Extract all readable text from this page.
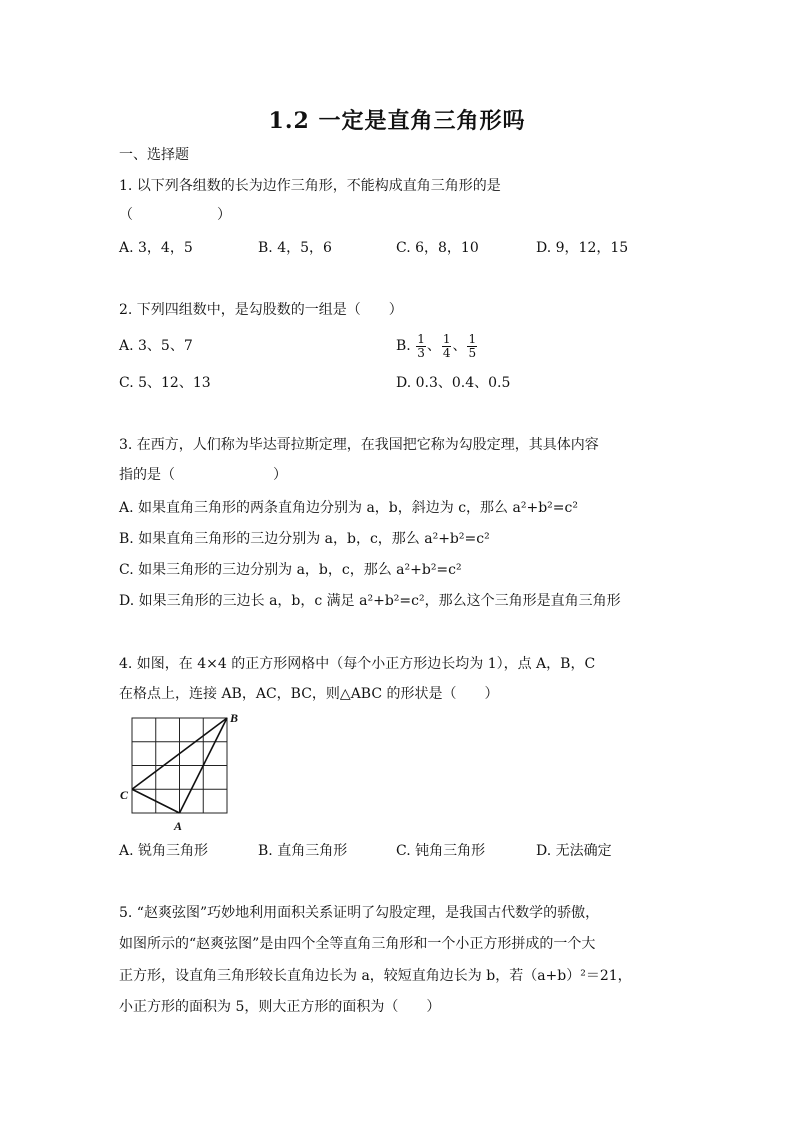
1.2 一定是直角三角形吗
一、选择题
1. 以下列各组数的长为边作三角形，不能构成直角三角形的是
（　　　　　　）
A. 3，4，5	B. 4，5，6	C. 6，8，10	D. 9，12，15
2. 下列四组数中，是勾股数的一组是（　　）
A. 3、5、7	B. $\frac{1}{3}$ 、 $\frac{1}{4}$ 、 $\frac{1}{5}$
C. 5、12、13	D. 0.3、0.4、0.5
3. 在西方，人们称为毕达哥拉斯定理，在我国把它称为勾股定理，其具体内容
指的是（　　　　　　　）
A. 如果直角三角形的两条直角边分别为 a，b，斜边为 c，那么 a²+b²=c²
B. 如果直角三角形的三边分别为 a，b，c，那么 a²+b²=c²
C. 如果三角形的三边分别为 a，b，c，那么 a²+b²=c²
D. 如果三角形的三边长 a，b，c 满足 a²+b²=c²，那么这个三角形是直角三角形
4. 如图，在 4×4 的正方形网格中（每个小正方形边长均为 1），点 A，B，C
在格点上，连接 AB，AC，BC，则△ABC 的形状是（　　）
B
C
A
A. 锐角三角形	B. 直角三角形	C. 钝角三角形	D. 无法确定
5. “赵爽弦图”巧妙地利用面积关系证明了勾股定理，是我国古代数学的骄傲，
如图所示的“赵爽弦图”是由四个全等直角三角形和一个小正方形拼成的一个大
正方形，设直角三角形较长直角边长为 a，较短直角边长为 b，若（a+b）²＝21，
小正方形的面积为 5，则大正方形的面积为（　　）
